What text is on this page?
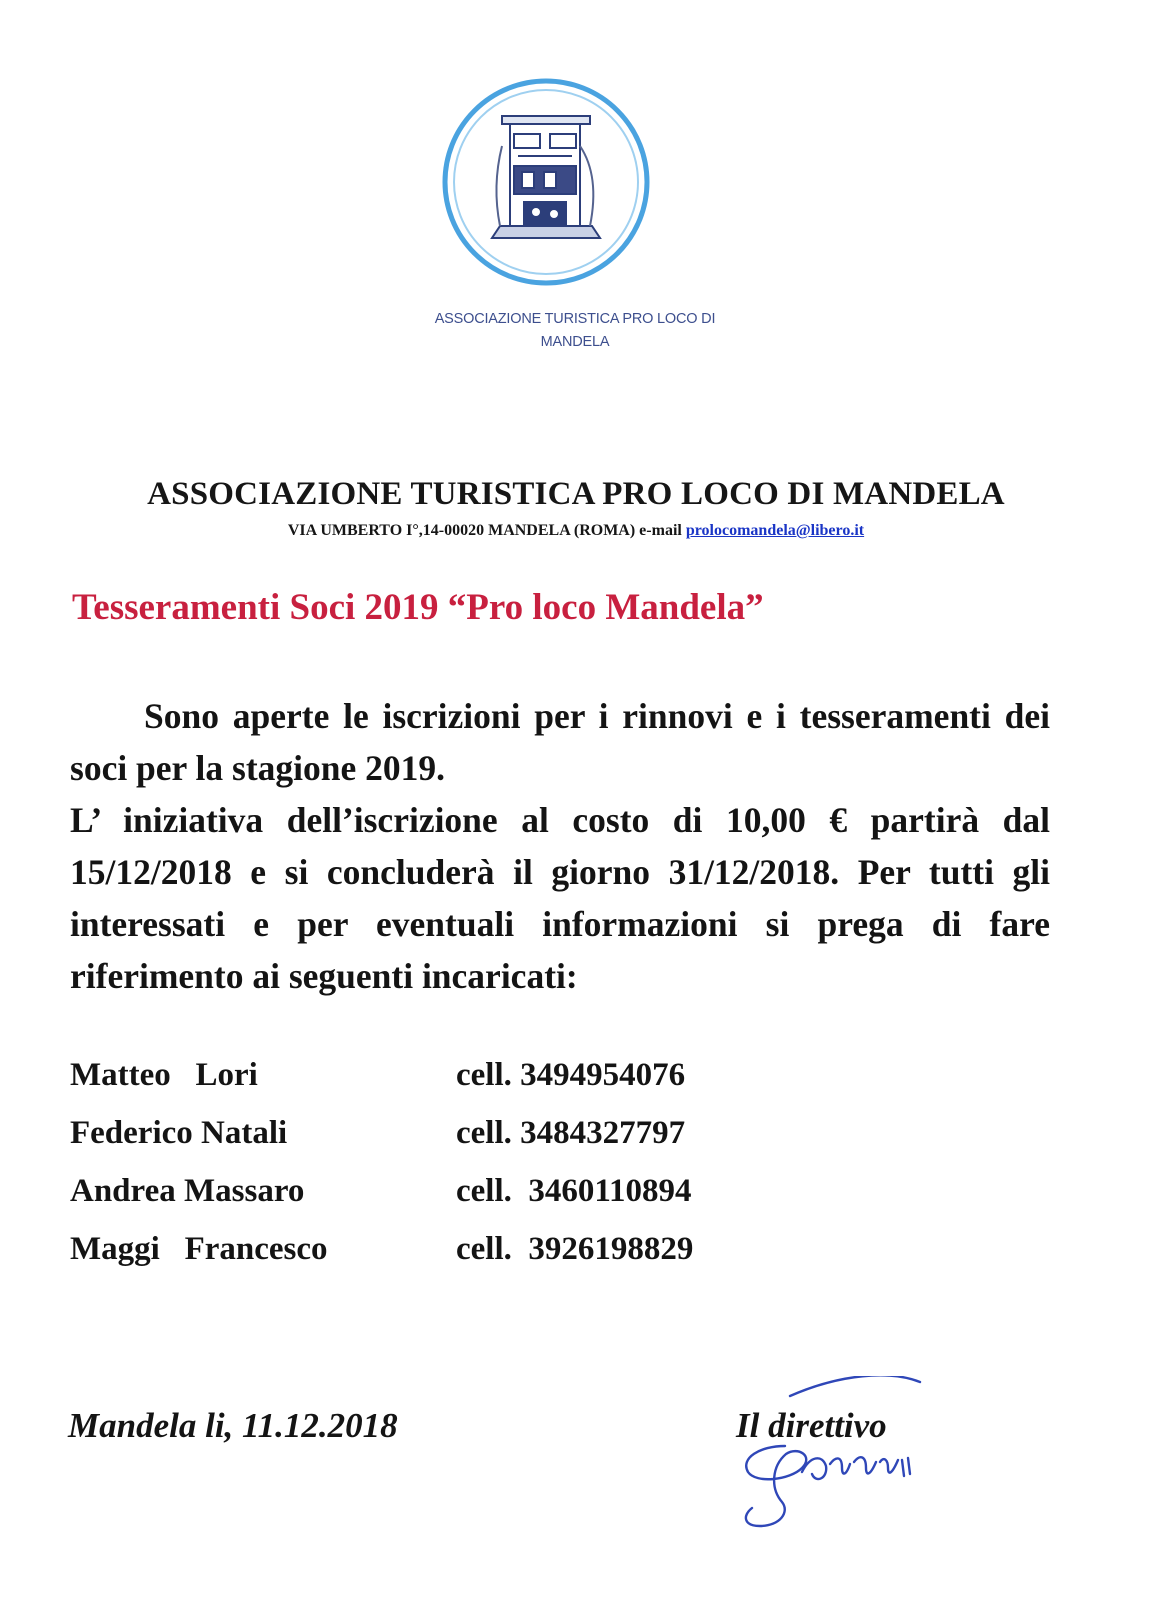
ASSOCIAZIONE TURISTICA PRO LOCO DI
MANDELA
ASSOCIAZIONE TURISTICA PRO LOCO DI MANDELA
VIA UMBERTO I°,14-00020 MANDELA (ROMA) e-mail prolocomandela@libero.it
Tesseramenti Soci 2019 “Pro loco Mandela”

Sono aperte le iscrizioni per i rinnovi e i tesseramenti dei soci per la stagione 2019.

L’ iniziativa dell’iscrizione al costo di 10,00 € partirà dal 15/12/2018 e si concluderà il giorno 31/12/2018. Per tutti gli interessati e per eventuali informazioni si prega di fare riferimento ai seguenti incaricati:

Matteo   Lori

	cell. 3494954076

Federico Natali

	cell. 3484327797

Andrea Massaro

	cell.  3460110894

Maggi   Francesco

	cell.  3926198829

Mandela li, 11.12.2018	Il direttivo
